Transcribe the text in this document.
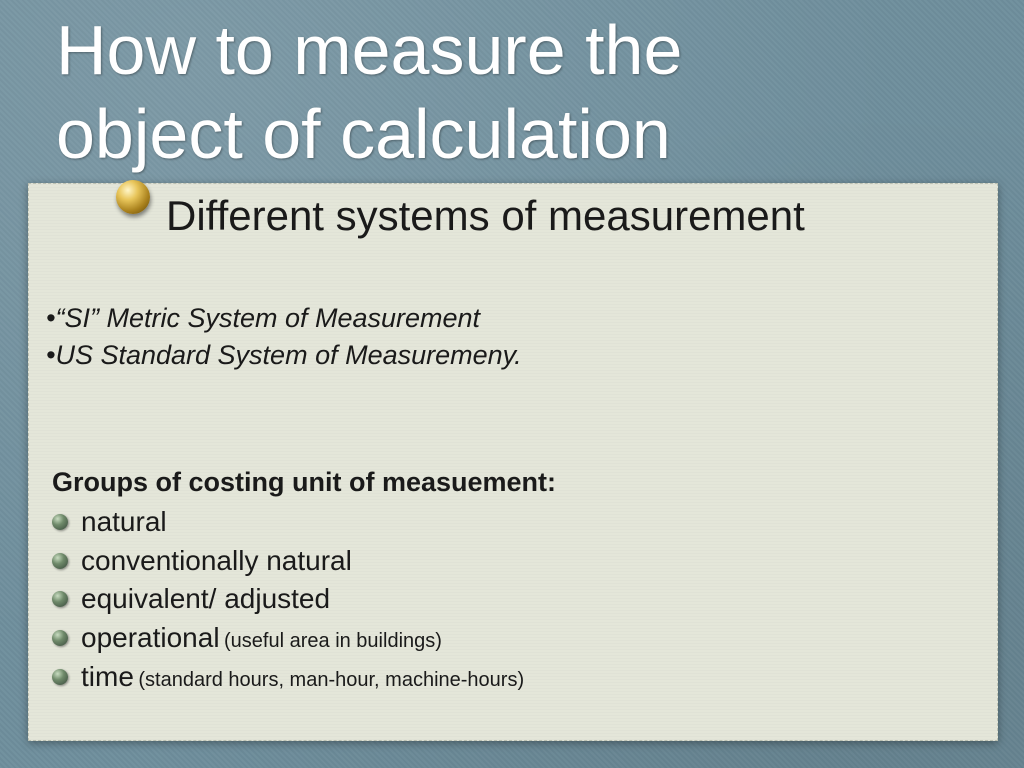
How to measure the
object of calculation
Different systems of measurement
•“SI” Metric System of Measurement
•US Standard System of Measuremeny.

Groups of costing unit of measuement:

natural
conventionally natural
equivalent/ adjusted
operational (useful area in buildings)
time (standard hours, man-hour, machine-hours)
